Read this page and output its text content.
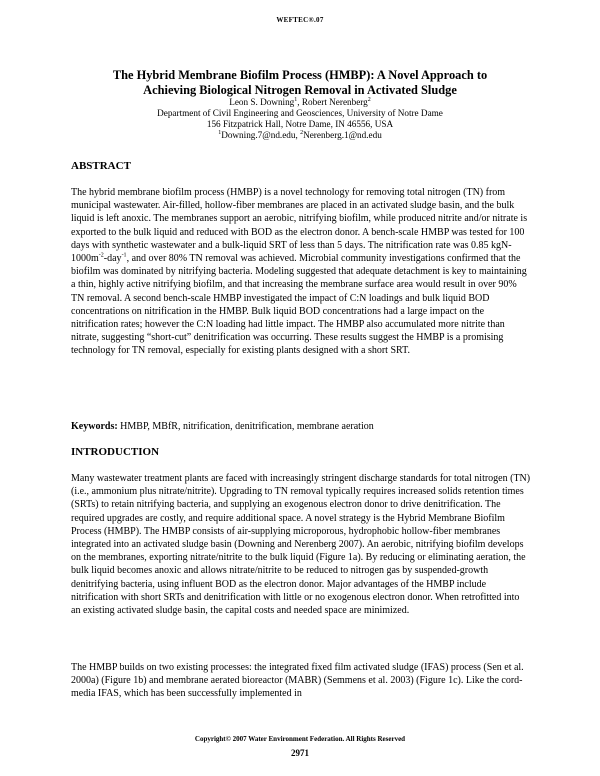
WEFTEC®.07

The Hybrid Membrane Biofilm Process (HMBP): A Novel Approach to

Achieving Biological Nitrogen Removal in Activated Sludge

Leon S. Downing$^1$, Robert Nerenberg$^2$

Department of Civil Engineering and Geosciences, University of Notre Dame

156 Fitzpatrick Hall, Notre Dame, IN 46556, USA

$^1$Downing.7@nd.edu, $^2$Nerenberg.1@nd.edu

ABSTRACT

The hybrid membrane biofilm process (HMBP) is a novel technology for removing total nitrogen (TN) from municipal wastewater. Air-filled, hollow-fiber membranes are placed in an activated sludge basin, and the bulk liquid is left anoxic. The membranes support an aerobic, nitrifying biofilm, while produced nitrite and/or nitrate is exported to the bulk liquid and reduced with BOD as the electron donor. A bench-scale HMBP was tested for 100 days with synthetic wastewater and a bulk-liquid SRT of less than 5 days. The nitrification rate was 0.85 kgN-$1000m^{-2}-day^{-1}$, and over 80% TN removal was achieved. Microbial community investigations confirmed that the biofilm was dominated by nitrifying bacteria. Modeling suggested that adequate detachment is key to maintaining a thin, highly active nitrifying biofilm, and that increasing the membrane surface area would result in over 90% TN removal. A second bench-scale HMBP investigated the impact of C:N loadings and bulk liquid BOD concentrations on nitrification in the HMBP. Bulk liquid BOD concentrations had a large impact on the nitrification rates; however the C:N loading had little impact. The HMBP also accumulated more nitrite than nitrate, suggesting “short-cut” denitrification was occurring. These results suggest the HMBP is a promising technology for TN removal, especially for existing plants designed with a short SRT.

Keywords: HMBP, MBfR, nitrification, denitrification, membrane aeration

INTRODUCTION

Many wastewater treatment plants are faced with increasingly stringent discharge standards for total nitrogen (TN) (i.e., ammonium plus nitrate/nitrite). Upgrading to TN removal typically requires increased solids retention times (SRTs) to retain nitrifying bacteria, and supplying an exogenous electron donor to drive denitrification. The required upgrades are costly, and require additional space. A novel strategy is the Hybrid Membrane Biofilm Process (HMBP). The HMBP consists of air-supplying microporous, hydrophobic hollow-fiber membranes integrated into an activated sludge basin (Downing and Nerenberg 2007). An aerobic, nitrifying biofilm develops on the membranes, exporting nitrate/nitrite to the bulk liquid (Figure 1a). By reducing or eliminating aeration, the bulk liquid becomes anoxic and allows nitrate/nitrite to be reduced to nitrogen gas by suspended-growth denitrifying bacteria, using influent BOD as the electron donor. Major advantages of the HMBP include nitrification with short SRTs and denitrification with little or no exogenous electron donor. When retrofitted into an existing activated sludge basin, the capital costs and needed space are minimized.

The HMBP builds on two existing processes: the integrated fixed film activated sludge (IFAS) process (Sen et al. 2000a) (Figure 1b) and membrane aerated bioreactor (MABR) (Semmens et al. 2003) (Figure 1c). Like the cord-media IFAS, which has been successfully implemented in

Copyright© 2007 Water Environment Federation. All Rights Reserved
2971
